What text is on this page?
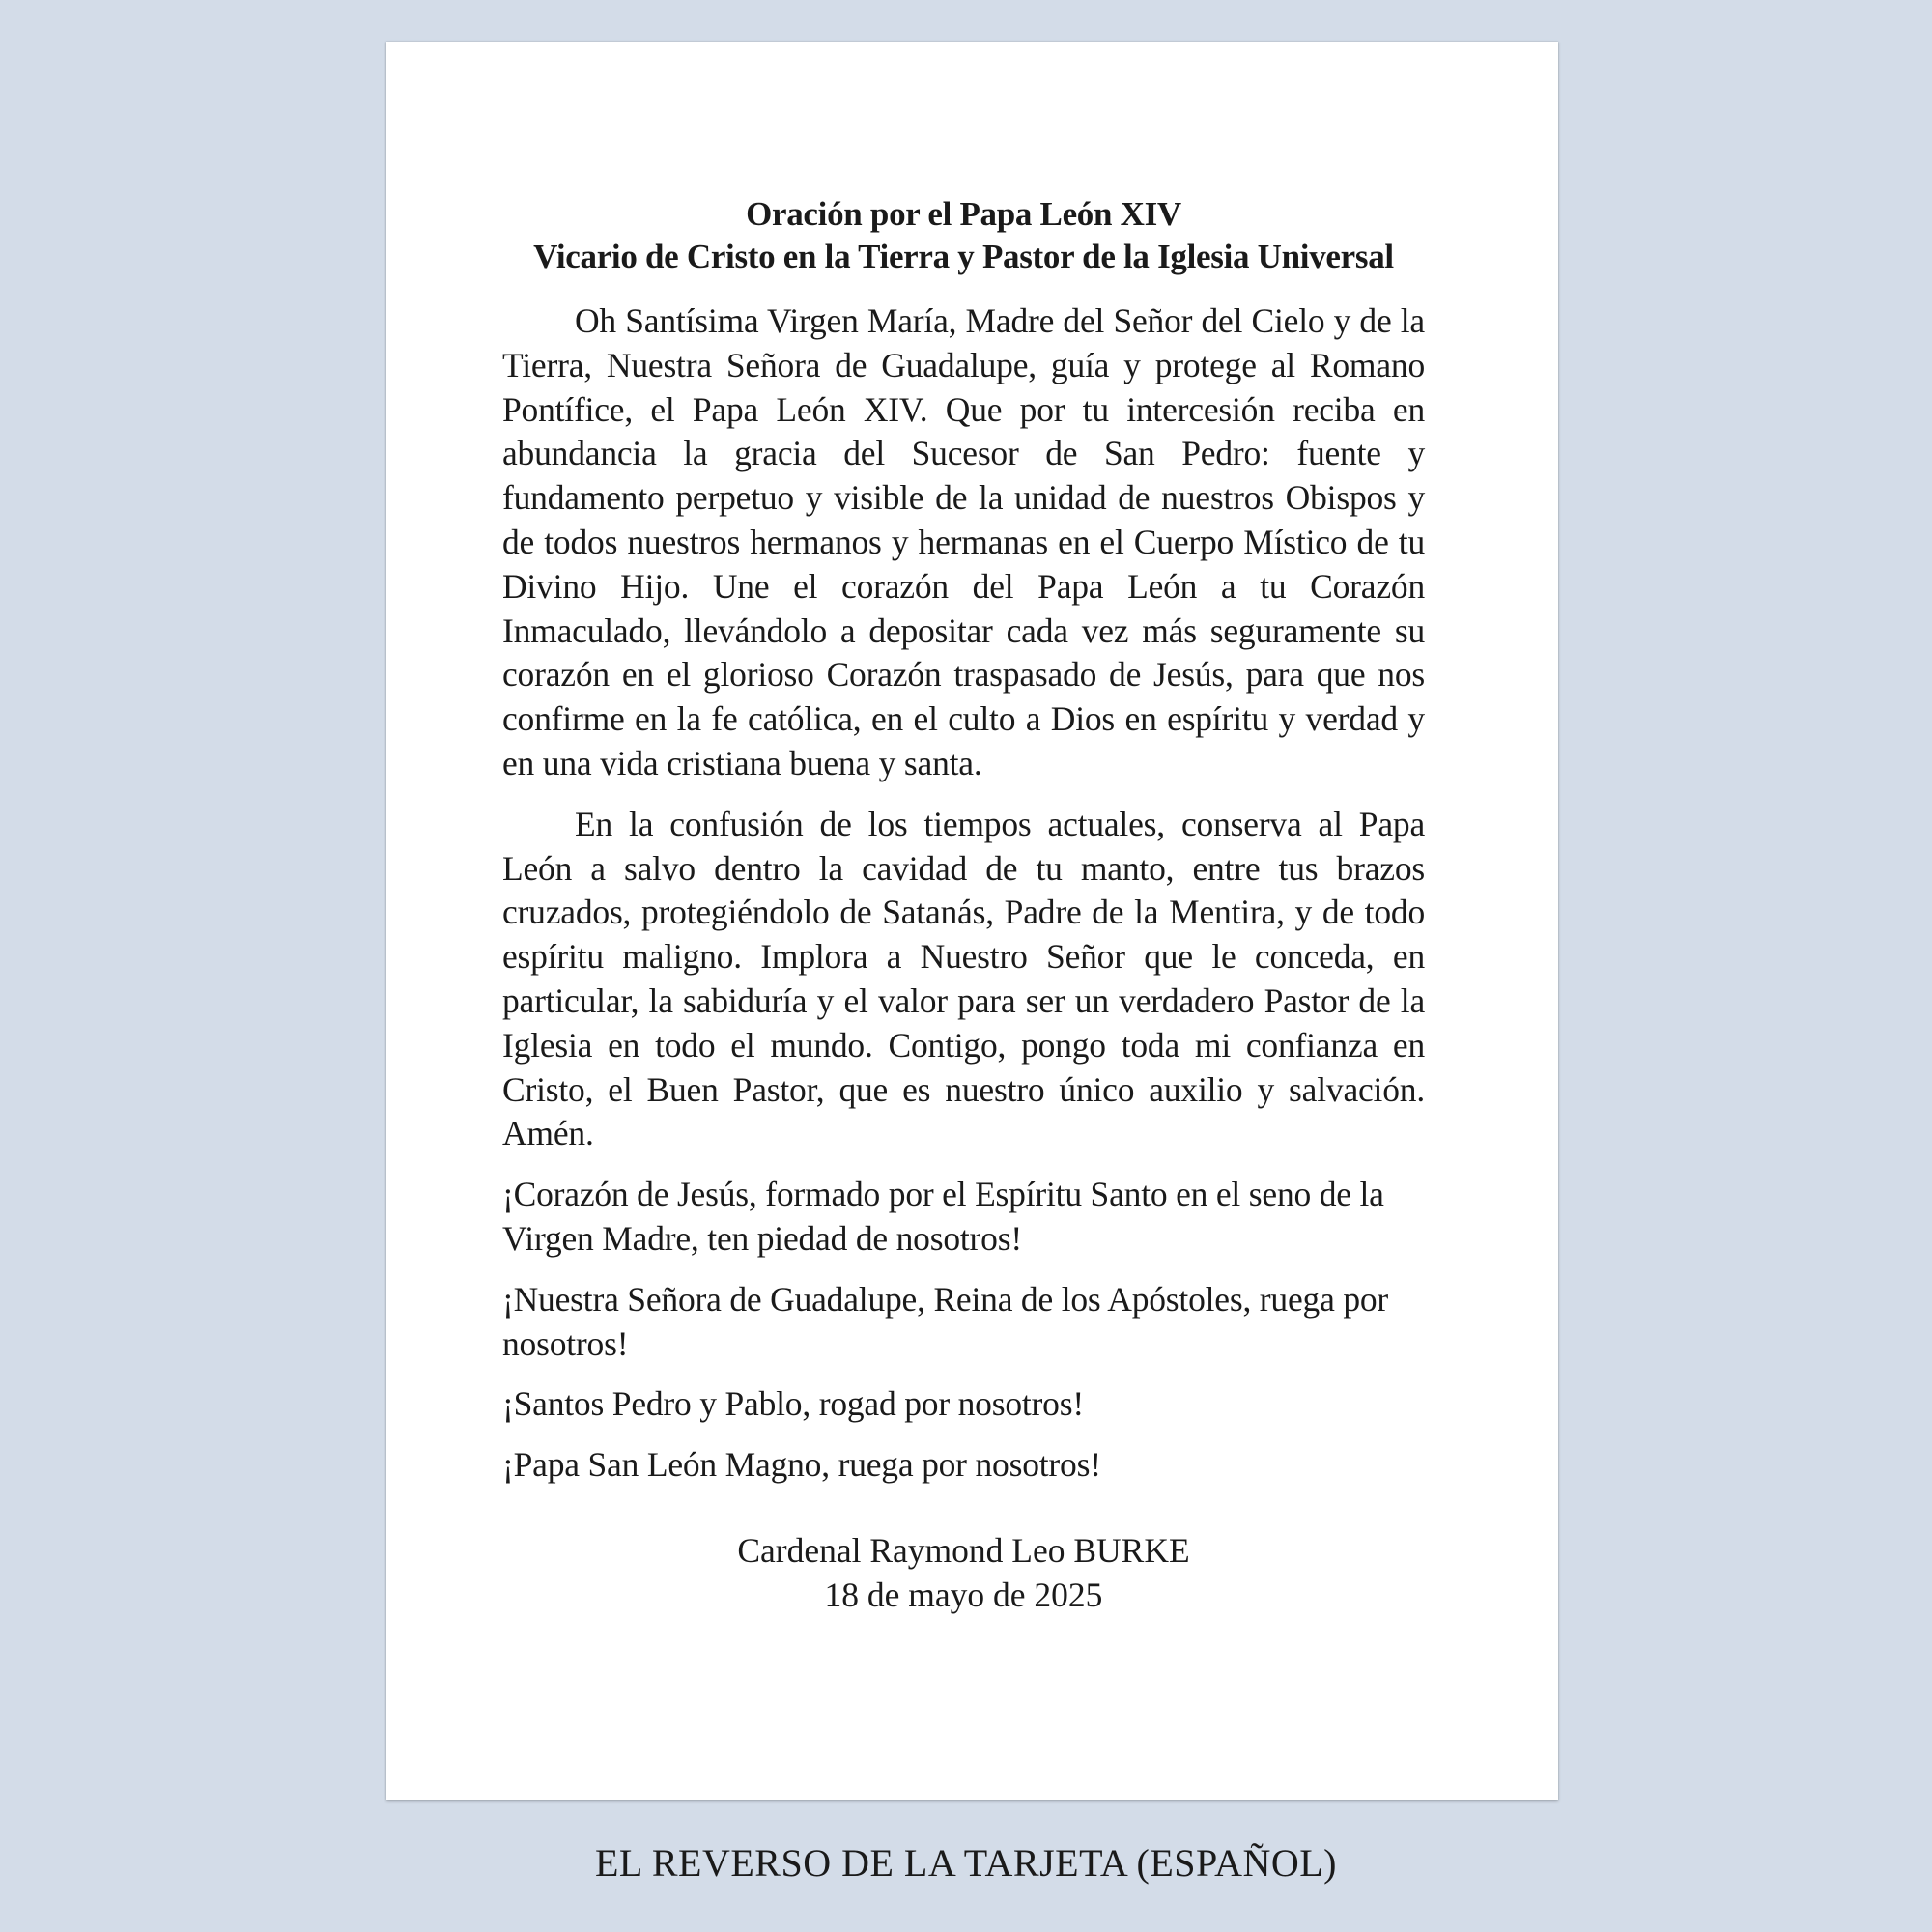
Oración por el Papa León XIV
Vicario de Cristo en la Tierra y Pastor de la Iglesia Universal

Oh Santísima Virgen María, Madre del Señor del Cielo y de la Tierra, Nuestra Señora de Guadalupe, guía y protege al Romano Pontífice, el Papa León XIV. Que por tu intercesión reciba en abundancia la gracia del Sucesor de San Pedro: fuente y fundamento perpetuo y visible de la unidad de nuestros Obispos y de todos nuestros hermanos y hermanas en el Cuerpo Místico de tu Divino Hijo. Une el corazón del Papa León a tu Corazón Inmaculado, llevándolo a depositar cada vez más seguramente su corazón en el glorioso Corazón traspasado de Jesús, para que nos confirme en la fe católica, en el culto a Dios en espíritu y verdad y en una vida cristiana buena y santa.

En la confusión de los tiempos actuales, conserva al Papa León a salvo dentro la cavidad de tu manto, entre tus brazos cruzados, protegiéndolo de Satanás, Padre de la Mentira, y de todo espíritu maligno. Implora a Nuestro Señor que le conceda, en particular, la sabiduría y el valor para ser un verdadero Pastor de la Iglesia en todo el mundo. Contigo, pongo toda mi confianza en Cristo, el Buen Pastor, que es nuestro único auxilio y salvación. Amén.

¡Corazón de Jesús, formado por el Espíritu Santo en el seno de la Virgen Madre, ten piedad de nosotros!

¡Nuestra Señora de Guadalupe, Reina de los Apóstoles, ruega por nosotros!

¡Santos Pedro y Pablo, rogad por nosotros!

¡Papa San León Magno, ruega por nosotros!

Cardenal Raymond Leo BURKE
18 de mayo de 2025
EL REVERSO DE LA TARJETA (ESPAÑOL)
